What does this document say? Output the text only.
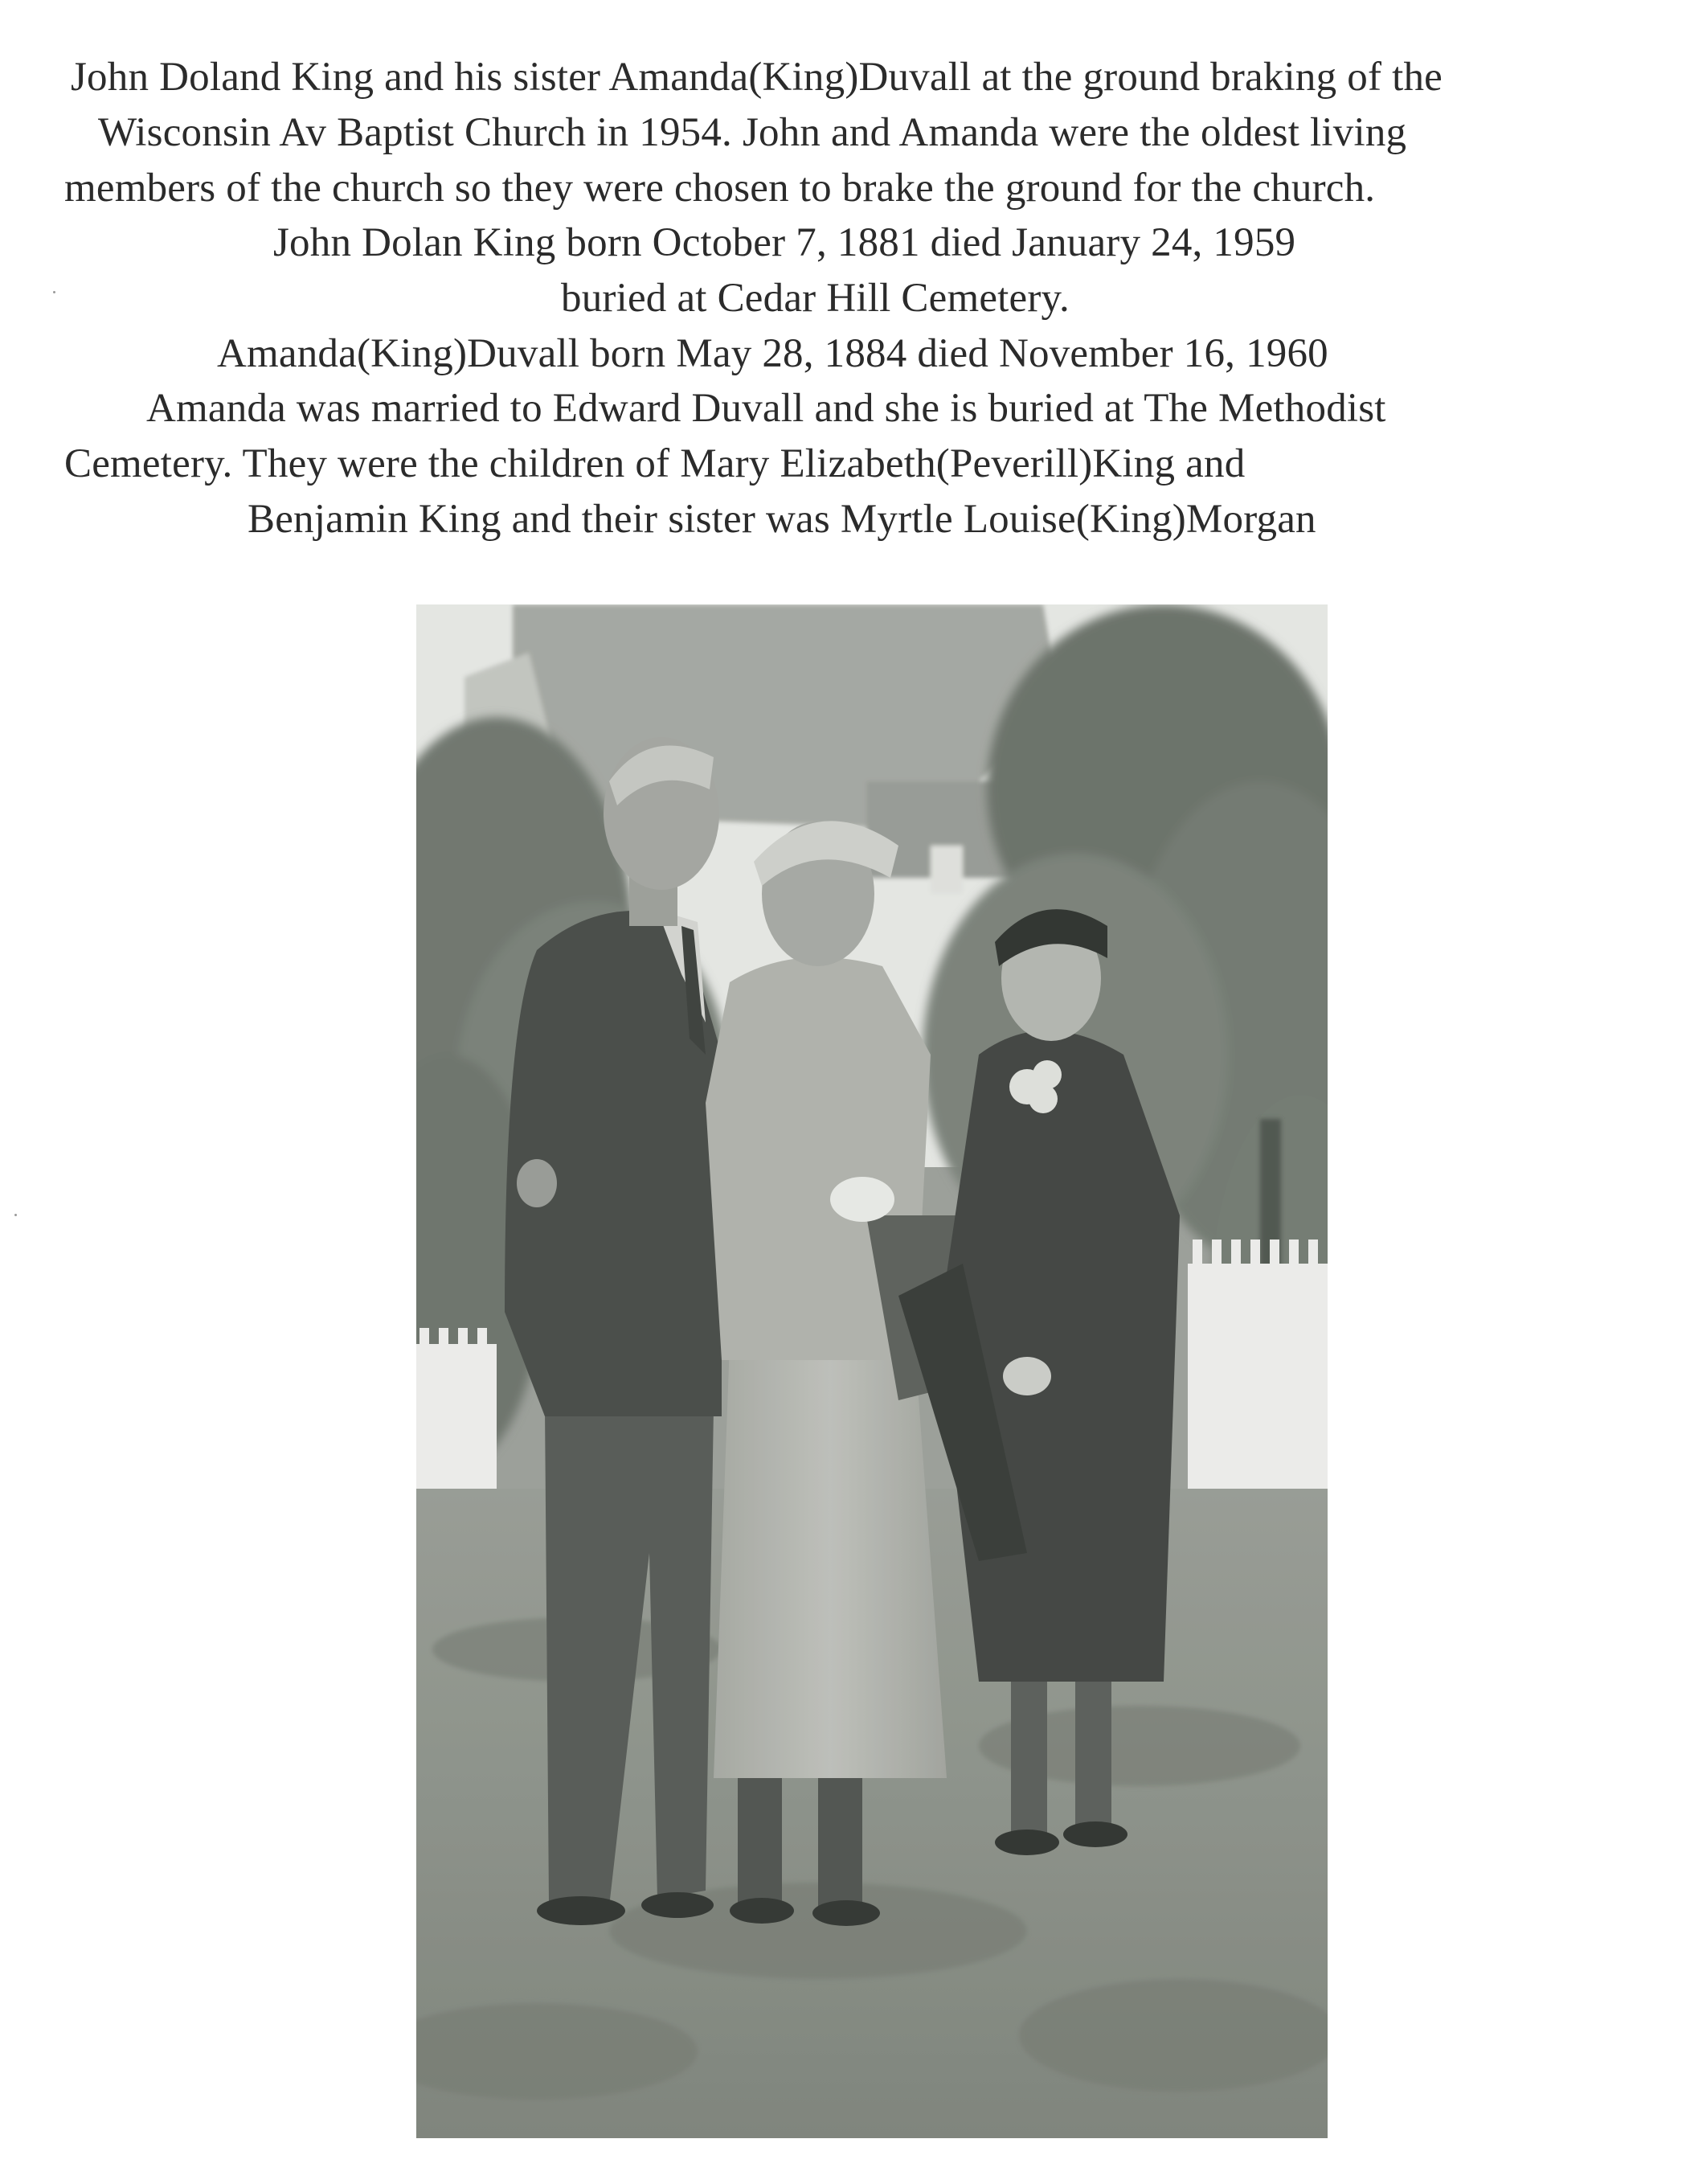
John Doland King and his sister Amanda(King)Duvall at the ground braking of the
Wisconsin Av Baptist Church in 1954. John and Amanda were the oldest living
members of the church so they were chosen to brake the ground for the church.
John Dolan King born October 7, 1881 died January 24, 1959
buried at Cedar Hill Cemetery.
Amanda(King)Duvall born May 28, 1884 died November 16, 1960
Amanda was married to Edward Duvall and she is buried at The Methodist
Cemetery. They were the children of Mary Elizabeth(Peverill)King and
Benjamin King and their sister was Myrtle Louise(King)Morgan
